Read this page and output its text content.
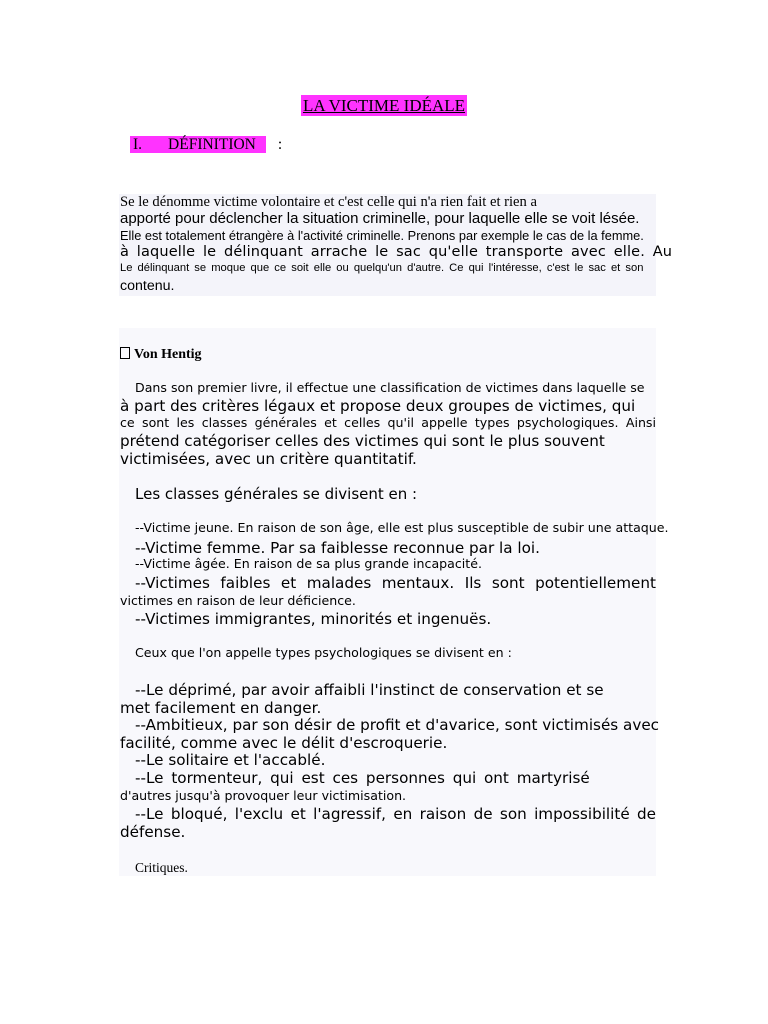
LA VICTIME IDÉALE
I. DÉFINITION :
Se le dénomme victime volontaire et c'est celle qui n'a rien fait et rien a
apporté pour déclencher la situation criminelle, pour laquelle elle se voit lésée.
Elle est totalement étrangère à l'activité criminelle. Prenons par exemple le cas de la femme.
à laquelle le délinquant arrache le sac qu'elle transporte avec elle. Au
Le délinquant se moque que ce soit elle ou quelqu'un d'autre. Ce qui l'intéresse, c'est le sac et son
contenu.
Von Hentig
Dans son premier livre, il effectue une classification de victimes dans laquelle se
à part des critères légaux et propose deux groupes de victimes, qui
ce sont les classes générales et celles qu'il appelle types psychologiques. Ainsi
prétend catégoriser celles des victimes qui sont le plus souvent
victimisées, avec un critère quantitatif.
Les classes générales se divisent en :
--Victime jeune. En raison de son âge, elle est plus susceptible de subir une attaque.
--Victime femme. Par sa faiblesse reconnue par la loi.
--Victime âgée. En raison de sa plus grande incapacité.
--Victimes faibles et malades mentaux. Ils sont potentiellement
victimes en raison de leur déficience.
--Victimes immigrantes, minorités et ingenuës.
Ceux que l'on appelle types psychologiques se divisent en :
--Le déprimé, par avoir affaibli l'instinct de conservation et se
met facilement en danger.
--Ambitieux, par son désir de profit et d'avarice, sont victimisés avec
facilité, comme avec le délit d'escroquerie.
--Le solitaire et l'accablé.
--Le tormenteur, qui est ces personnes qui ont martyrisé
d'autres jusqu'à provoquer leur victimisation.
--Le bloqué, l'exclu et l'agressif, en raison de son impossibilité de
défense.
Critiques.
